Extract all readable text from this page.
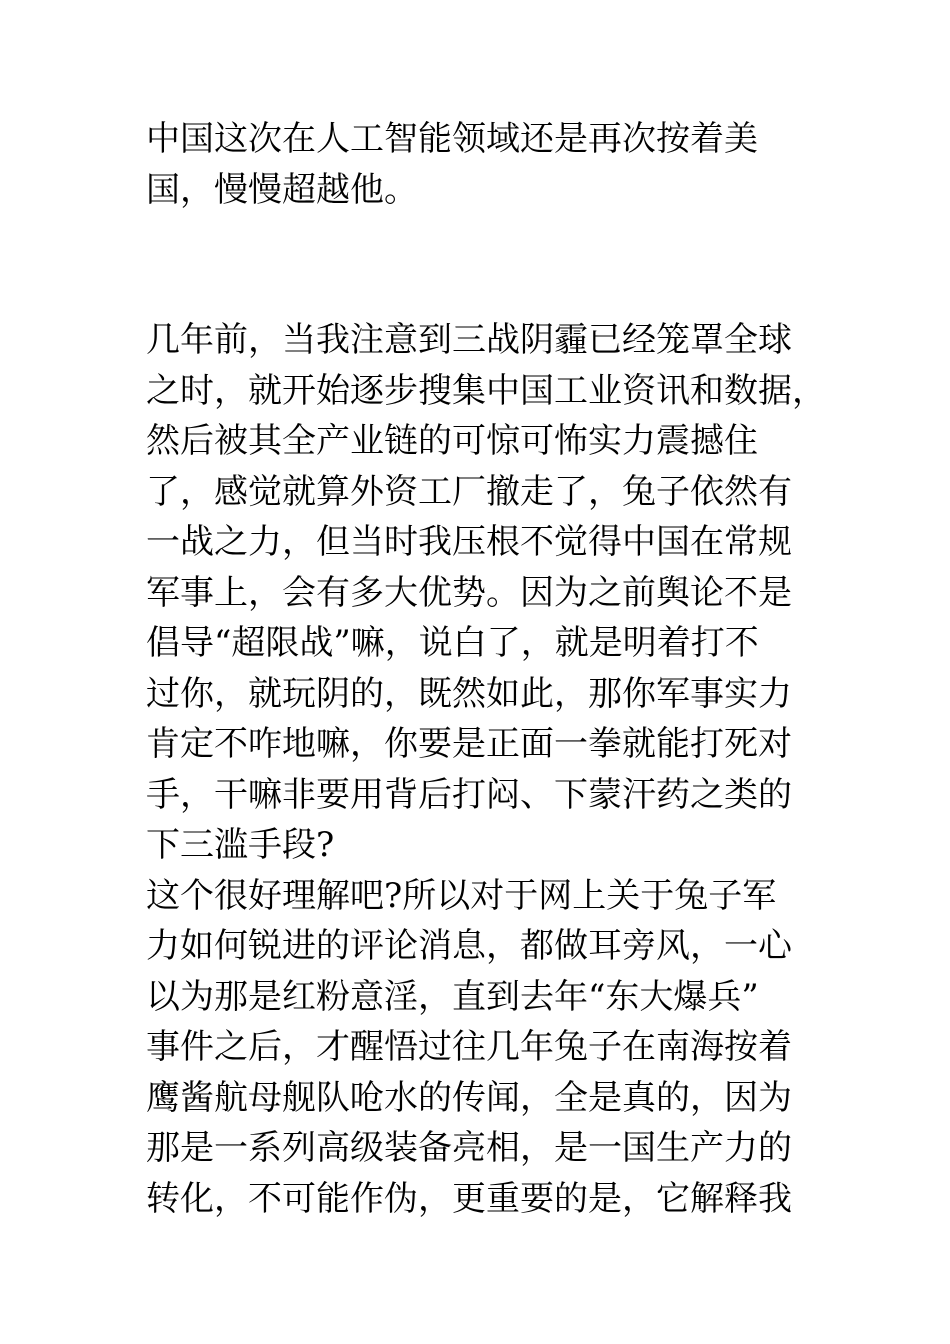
中国这次在人工智能领域还是再次按着美
国，慢慢超越他。

几年前，当我注意到三战阴霾已经笼罩全球
之时，就开始逐步搜集中国工业资讯和数据，
然后被其全产业链的可惊可怖实力震撼住
了，感觉就算外资工厂撤走了，兔子依然有
一战之力，但当时我压根不觉得中国在常规
军事上，会有多大优势。因为之前舆论不是
倡导“超限战”嘛，说白了，就是明着打不
过你，就玩阴的，既然如此，那你军事实力
肯定不咋地嘛，你要是正面一拳就能打死对
手，干嘛非要用背后打闷、下蒙汗药之类的
下三滥手段?

这个很好理解吧?所以对于网上关于兔子军
力如何锐进的评论消息，都做耳旁风，一心
以为那是红粉意淫，直到去年“东大爆兵”
事件之后，才醒悟过往几年兔子在南海按着
鹰酱航母舰队呛水的传闻，全是真的，因为
那是一系列高级装备亮相，是一国生产力的
转化，不可能作伪，更重要的是，它解释我
